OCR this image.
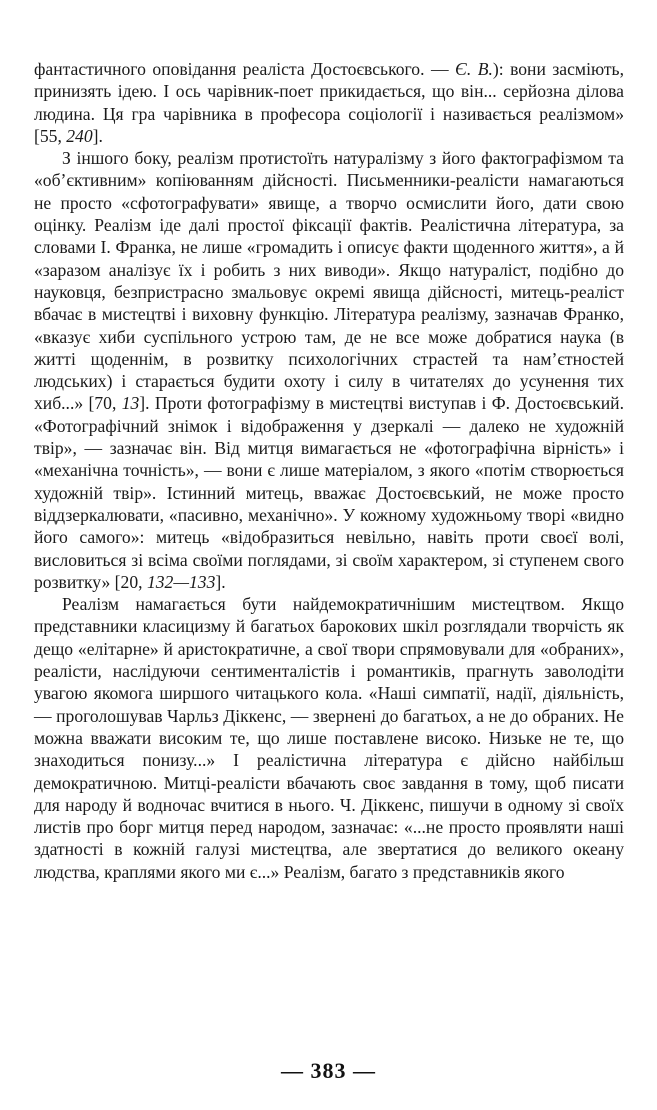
фантастичного оповідання реаліста Достоєвського. — Є. В.): вони засміють, принизять ідею. І ось чарівник-поет прикидається, що він... серйозна ділова людина. Ця гра чарівника в професора соціології і називається реалізмом» [55, 240].

З іншого боку, реалізм протистоїть натуралізму з його фактографізмом та «об’єктивним» копіюванням дійсності. Письменники-реалісти намагаються не просто «сфотографувати» явище, а творчо осмислити його, дати свою оцінку. Реалізм іде далі простої фіксації фактів. Реалістична література, за словами І. Франка, не лише «громадить і описує факти щоденного життя», а й «заразом аналізує їх і робить з них виводи». Якщо натураліст, подібно до науковця, безпристрасно змальовує окремі явища дійсності, митець-реаліст вбачає в мистецтві і виховну функцію. Література реалізму, зазначав Франко, «вказує хиби суспільного устрою там, де не все може добратися наука (в житті щоденнім, в розвитку психологічних страстей та нам’єтностей людських) і старається будити охоту і силу в читателях до усунення тих хиб...» [70, 13]. Проти фотографізму в мистецтві виступав і Ф. Достоєвський. «Фотографічний знімок і відображення у дзеркалі — далеко не художній твір», — зазначає він. Від митця вимагається не «фотографічна вірність» і «механічна точність», — вони є лише матеріалом, з якого «потім створюється художній твір». Істинний митець, вважає Достоєвський, не може просто віддзеркалювати, «пасивно, механічно». У кожному художньому творі «видно його самого»: митець «відобразиться невільно, навіть проти своєї волі, висловиться зі всіма своїми поглядами, зі своїм характером, зі ступенем свого розвитку» [20, 132—133].

Реалізм намагається бути найдемократичнішим мистецтвом. Якщо представники класицизму й багатьох барокових шкіл розглядали творчість як дещо «елітарне» й аристократичне, а свої твори спрямовували для «обраних», реалісти, наслідуючи сентименталістів і романтиків, прагнуть заволодіти увагою якомога ширшого читацького кола. «Наші симпатії, надії, діяльність, — проголошував Чарльз Діккенс, — звернені до багатьох, а не до обраних. Не можна вважати високим те, що лише поставлене високо. Низьке не те, що знаходиться понизу...» І реалістична література є дійсно найбільш демократичною. Митці-реалісти вбачають своє завдання в тому, щоб писати для народу й водночас вчитися в нього. Ч. Діккенс, пишучи в одному зі своїх листів про борг митця перед народом, зазначає: «...не просто проявляти наші здатності в кожній галузі мистецтва, але звертатися до великого океану людства, краплями якого ми є...» Реалізм, багато з представників якого

— 383 —
